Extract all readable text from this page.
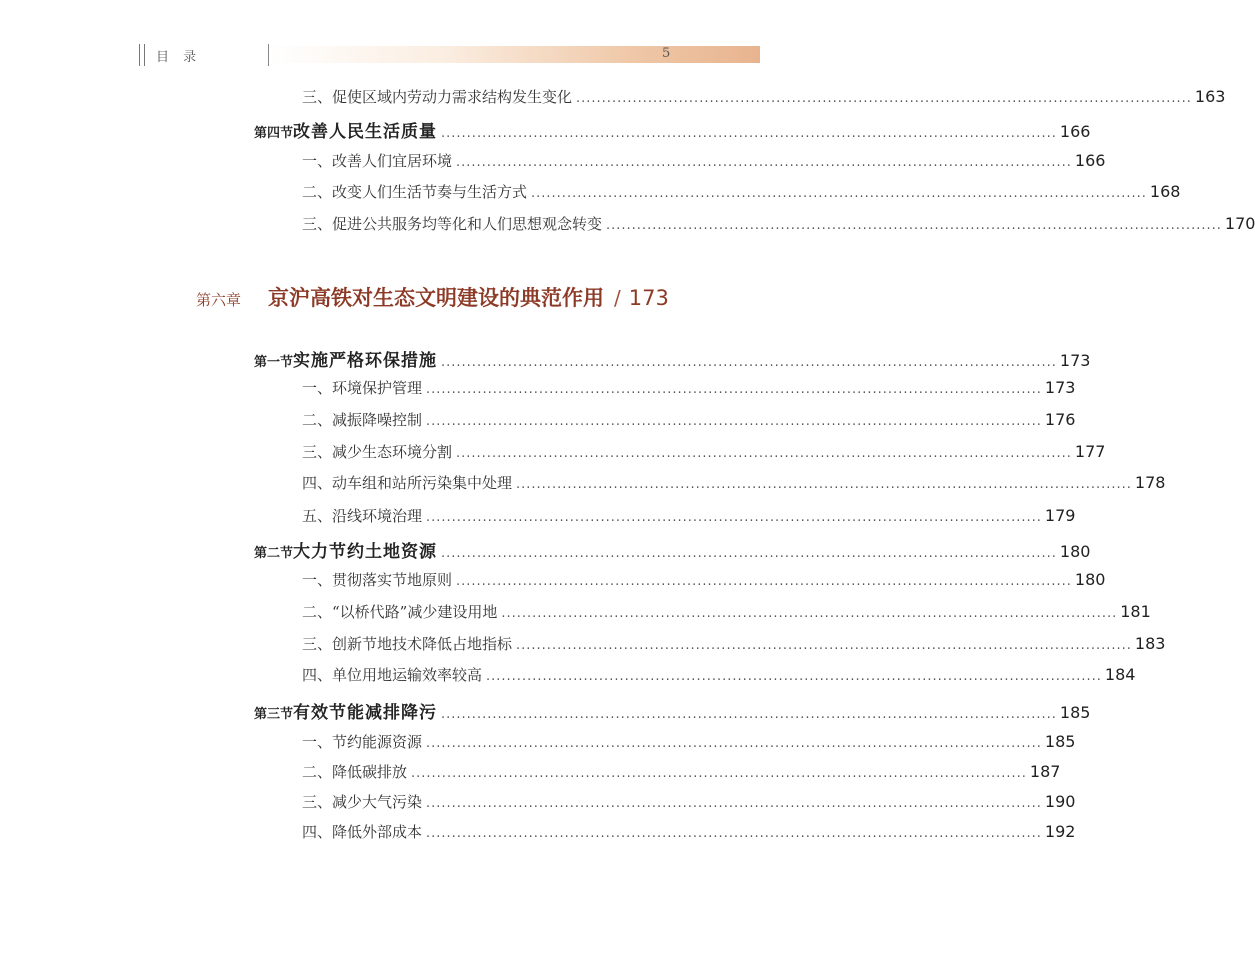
目 录	5
三、促使区域内劳动力需求结构发生变化 ........................................................................................................................ 163
第四节 改善人民生活质量 ........................................................................................................................ 166
一、改善人们宜居环境 ........................................................................................................................ 166
二、改变人们生活节奏与生活方式 ........................................................................................................................ 168
三、促进公共服务均等化和人们思想观念转变 ........................................................................................................................ 170
第六章	京沪高铁对生态文明建设的典范作用 / 173
第一节 实施严格环保措施 ........................................................................................................................ 173
一、环境保护管理 ........................................................................................................................ 173
二、减振降噪控制 ........................................................................................................................ 176
三、减少生态环境分割 ........................................................................................................................ 177
四、动车组和站所污染集中处理 ........................................................................................................................ 178
五、沿线环境治理 ........................................................................................................................ 179
第二节 大力节约土地资源 ........................................................................................................................ 180
一、贯彻落实节地原则 ........................................................................................................................ 180
二、“以桥代路”减少建设用地 ........................................................................................................................ 181
三、创新节地技术降低占地指标 ........................................................................................................................ 183
四、单位用地运输效率较高 ........................................................................................................................ 184
第三节 有效节能减排降污 ........................................................................................................................ 185
一、节约能源资源 ........................................................................................................................ 185
二、降低碳排放 ........................................................................................................................ 187
三、减少大气污染 ........................................................................................................................ 190
四、降低外部成本 ........................................................................................................................ 192
